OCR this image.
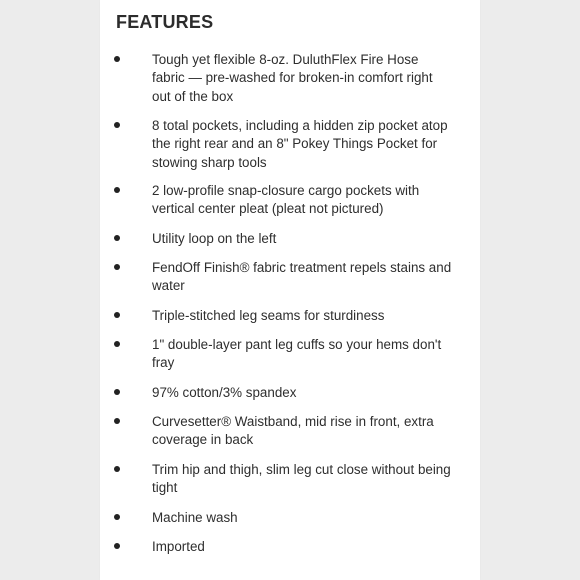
FEATURES
Tough yet flexible 8-oz. DuluthFlex Fire Hose
fabric — pre-washed for broken-in comfort right
out of the box
8 total pockets, including a hidden zip pocket atop
the right rear and an 8" Pokey Things Pocket for
stowing sharp tools
2 low-profile snap-closure cargo pockets with
vertical center pleat (pleat not pictured)
Utility loop on the left
FendOff Finish® fabric treatment repels stains and
water
Triple-stitched leg seams for sturdiness
1" double-layer pant leg cuffs so your hems don't
fray
97% cotton/3% spandex
Curvesetter® Waistband, mid rise in front, extra
coverage in back
Trim hip and thigh, slim leg cut close without being
tight
Machine wash
Imported
